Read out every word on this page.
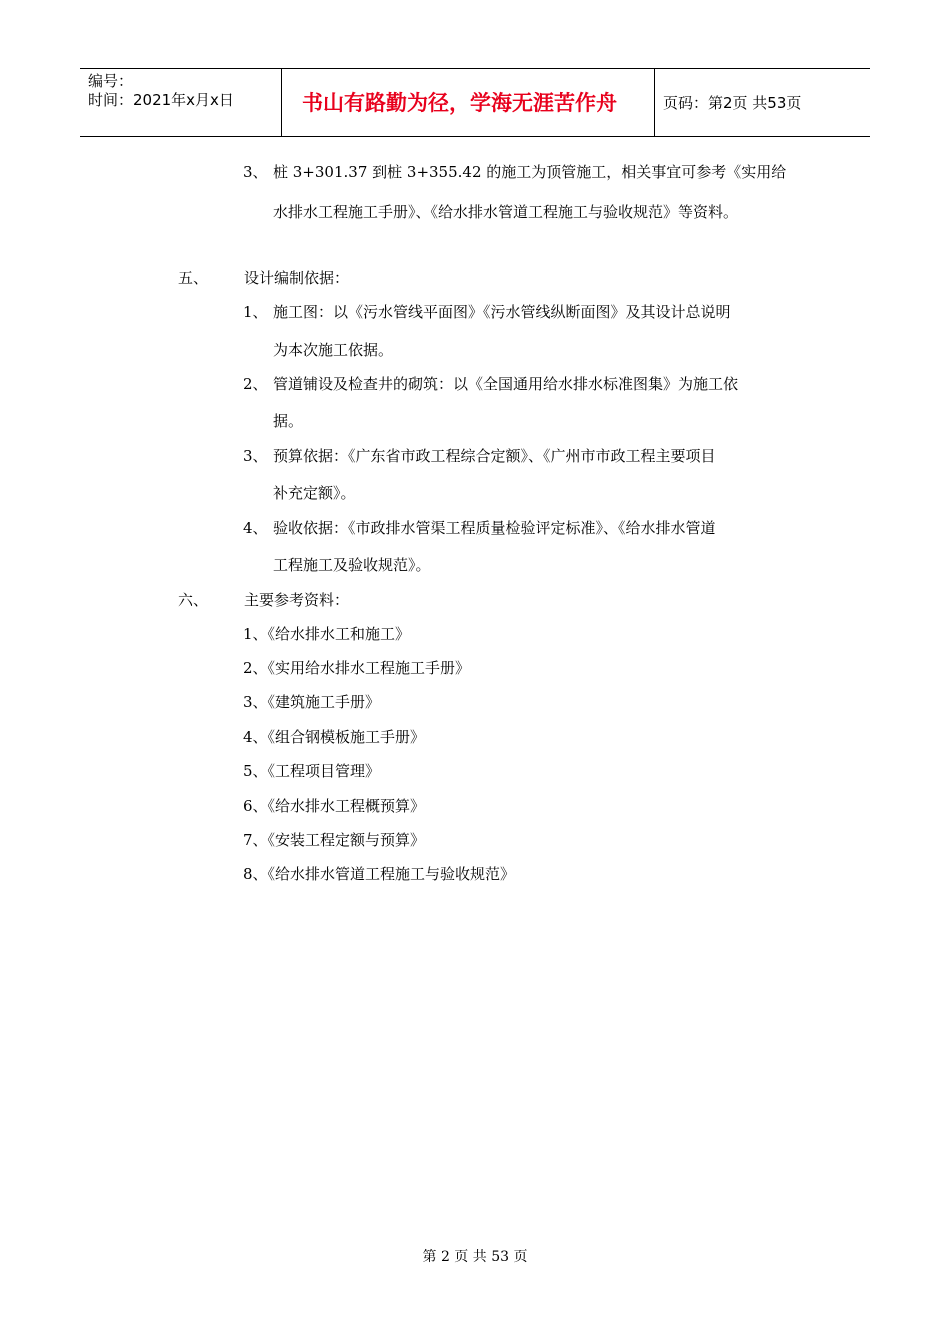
编号：
时间：2021年x月x日	书山有路勤为径，学海无涯苦作舟	页码：第2页 共53页
3、 桩 3+301.37 到桩 3+355.42 的施工为顶管施工，相关事宜可参考《实用给
水排水工程施工手册》、《给水排水管道工程施工与验收规范》等资料。
五、 设计编制依据：
1、 施工图：以《污水管线平面图》《污水管线纵断面图》及其设计总说明
为本次施工依据。
2、 管道铺设及检查井的砌筑：以《全国通用给水排水标准图集》为施工依
据。
3、 预算依据：《广东省市政工程综合定额》、《广州市市政工程主要项目
补充定额》。
4、 验收依据：《市政排水管渠工程质量检验评定标准》、《给水排水管道
工程施工及验收规范》。
六、 主要参考资料：
1、《给水排水工和施工》
2、《实用给水排水工程施工手册》
3、《建筑施工手册》
4、《组合钢模板施工手册》
5、《工程项目管理》
6、《给水排水工程概预算》
7、《安装工程定额与预算》
8、《给水排水管道工程施工与验收规范》
第 2 页 共 53 页
